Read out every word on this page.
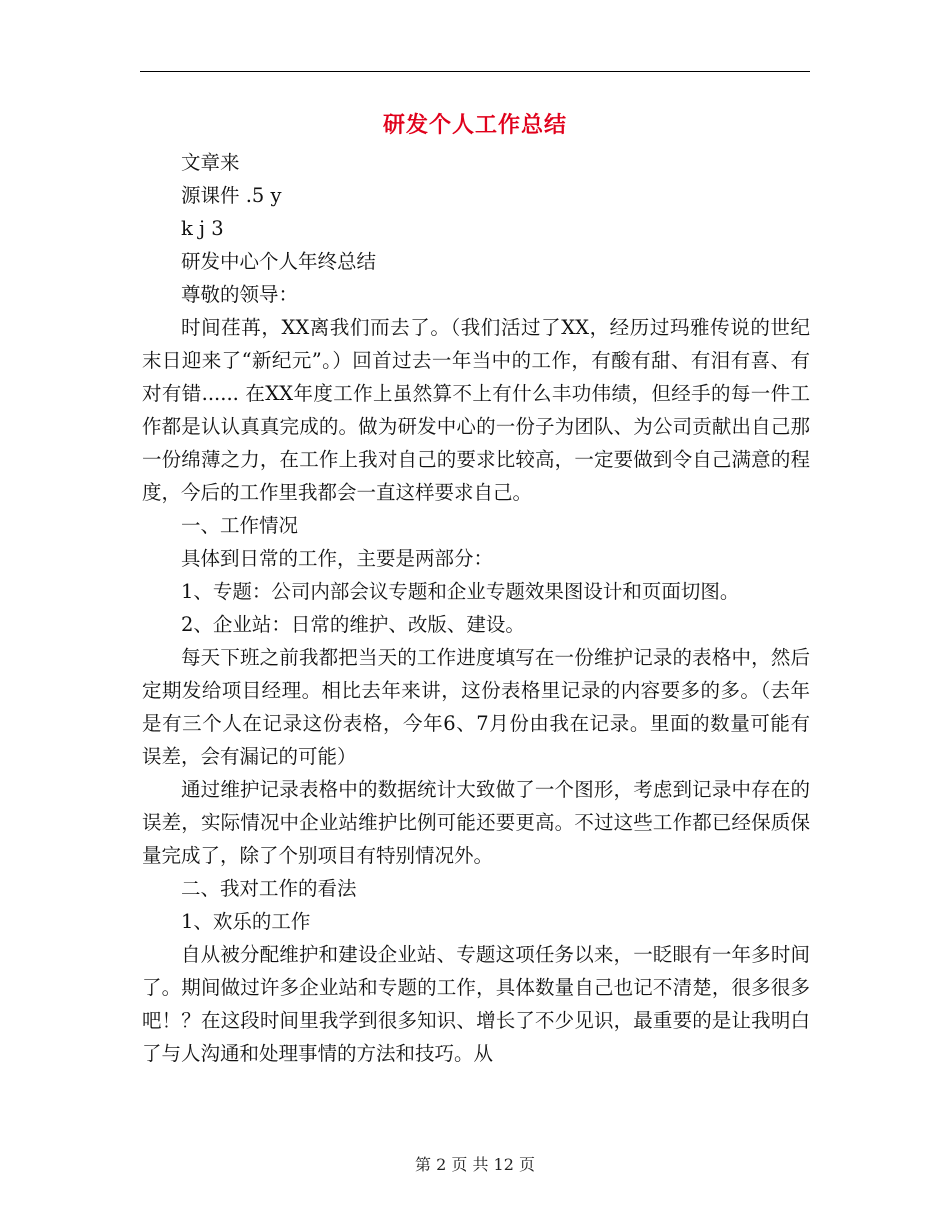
研发个人工作总结

文章来

源课件 .5 y

k j 3

研发中心个人年终总结

尊敬的领导：

时间荏苒，XX离我们而去了。（我们活过了XX，经历过玛雅传说的世纪末日迎来了“新纪元”。）回首过去一年当中的工作，有酸有甜、有泪有喜、有对有错...... 在XX年度工作上虽然算不上有什么丰功伟绩，但经手的每一件工作都是认认真真完成的。做为研发中心的一份子为团队、为公司贡献出自己那一份绵薄之力，在工作上我对自己的要求比较高，一定要做到令自己满意的程度，今后的工作里我都会一直这样要求自己。

一、工作情况

具体到日常的工作，主要是两部分：

1、专题：公司内部会议专题和企业专题效果图设计和页面切图。

2、企业站：日常的维护、改版、建设。

每天下班之前我都把当天的工作进度填写在一份维护记录的表格中，然后定期发给项目经理。相比去年来讲，这份表格里记录的内容要多的多。（去年是有三个人在记录这份表格，今年6、7月份由我在记录。里面的数量可能有误差，会有漏记的可能）

通过维护记录表格中的数据统计大致做了一个图形，考虑到记录中存在的误差，实际情况中企业站维护比例可能还要更高。不过这些工作都已经保质保量完成了，除了个别项目有特别情况外。

二、我对工作的看法

1、欢乐的工作

自从被分配维护和建设企业站、专题这项任务以来，一眨眼有一年多时间了。期间做过许多企业站和专题的工作，具体数量自己也记不清楚，很多很多吧！？在这段时间里我学到很多知识、增长了不少见识，最重要的是让我明白了与人沟通和处理事情的方法和技巧。从

第 2 页 共 12 页
